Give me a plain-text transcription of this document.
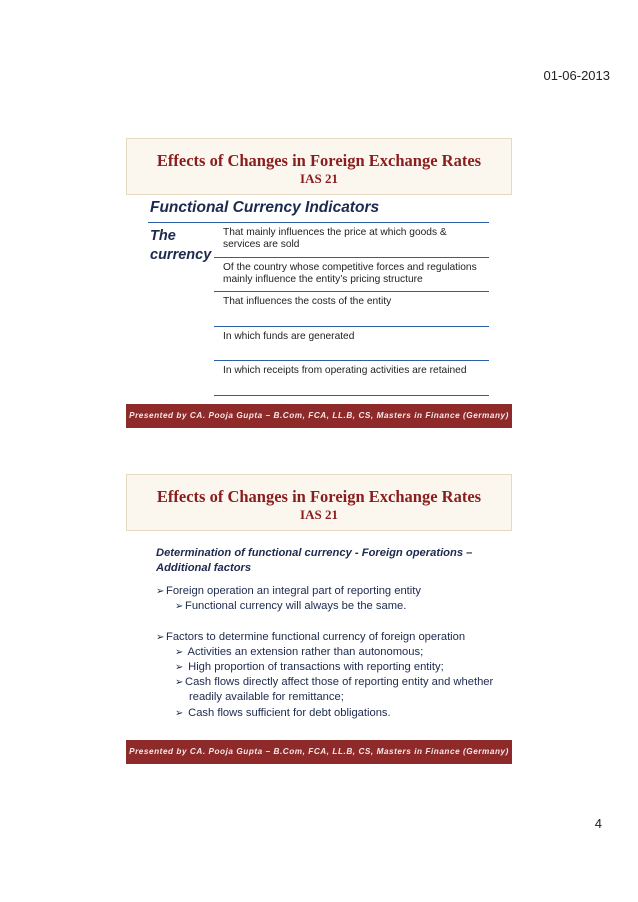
01-06-2013
Effects of Changes in Foreign Exchange Rates
IAS 21
Functional Currency Indicators
The
currency
That mainly influences the price at which goods & services are sold
Of the country whose competitive forces and regulations mainly influence the entity’s pricing structure
That influences the costs of the entity
In which funds are generated
In which receipts from operating activities are retained
Presented by CA. Pooja Gupta – B.Com, FCA, LL.B, CS, Masters in Finance (Germany)
Effects of Changes in Foreign Exchange Rates
IAS 21
Determination of functional currency - Foreign operations –
Additional factors
➢ Foreign operation an integral part of reporting entity
➢ Functional currency will always be the same.
➢ Factors to determine functional currency of foreign operation
➢ Activities an extension rather than autonomous;
➢ High proportion of transactions with reporting entity;
➢ Cash flows directly affect those of reporting entity and whether
readily available for remittance;
➢ Cash flows sufficient for debt obligations.
Presented by CA. Pooja Gupta – B.Com, FCA, LL.B, CS, Masters in Finance (Germany)
4
